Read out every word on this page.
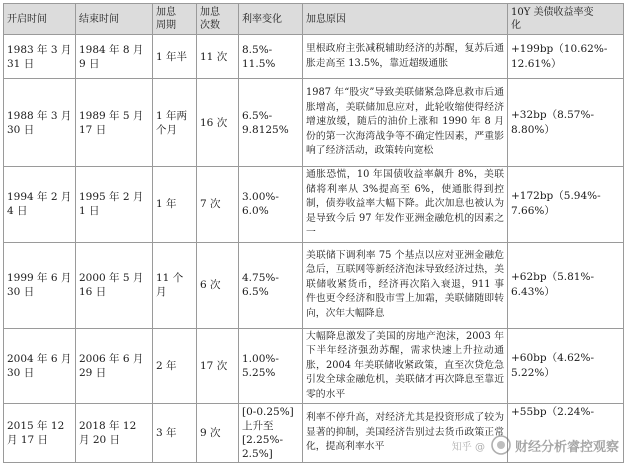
开启时间	结束时间	加息
周期	加息
次数	利率变化	加息原因	10Y 美债收益率变
化

1983 年 3 月
31 日	1984 年 8 月
9 日	1 年半	11 次	8.5%-
11.5%	里根政府主张减税辅助经济的苏醒，复苏后通胀走高至 13.5%，靠近超级通胀	+199bp（10.62%-
12.61%）

1988 年 3 月
30 日	1989 年 5 月
17 日	1 年两
个月	16 次	6.5%-
9.8125%	1987 年“股灾”导致美联储紧急降息救市后通胀增高，美联储加息应对，此轮收缩使得经济增速放缓，随后的油价上涨和 1990 年 8 月份的第一次海湾战争等不确定性因素，严重影响了经济活动，政策转向宽松	+32bp（8.57%-
8.80%）

1994 年 2 月
4 日	1995 年 2 月
1 日	1 年	7 次	3.00%-
6.0%	通胀恐慌，10 年国债收益率飙升 8%，美联储将利率从 3%提高至 6%，使通胀得到控制，债券收益率大幅下降。此次加息也被认为是导致今后 97 年发作亚洲金融危机的因素之一	+172bp（5.94%-
7.66%）

1999 年 6 月
30 日	2000 年 5 月
16 日	11 个
月	6 次	4.75%-
6.5%	美联储下调利率 75 个基点以应对亚洲金融危急后，互联网等新经济泡沫导致经济过热，美联储收紧货币，经济再次陷入衰退，911 事件也更令经济和股市雪上加霜，美联储随即转向，次年大幅降息	+62bp（5.81%-
6.43%）

2004 年 6 月
30 日	2006 年 6 月
29 日	2 年	17 次	1.00%-
5.25%	大幅降息激发了美国的房地产泡沫，2003 年下半年经济强劲苏醒，需求快速上升拉动通胀，2004 年美联储收紧政策，直至次贷危急引发全球金融危机，美联储才再次降息至靠近零的水平	+60bp（4.62%-
5.22%）

2015 年 12
月 17 日	2018 年 12
月 20 日	3 年	9 次	[0-0.25%]
上升至
[2.25%-
2.5%]	利率不停升高，对经济尤其是投资形成了较为显著的抑制，美国经济告别过去货币政策正常化，提高利率水平	+55bp（2.24%-
知乎 @ 财经分析睿控观察
